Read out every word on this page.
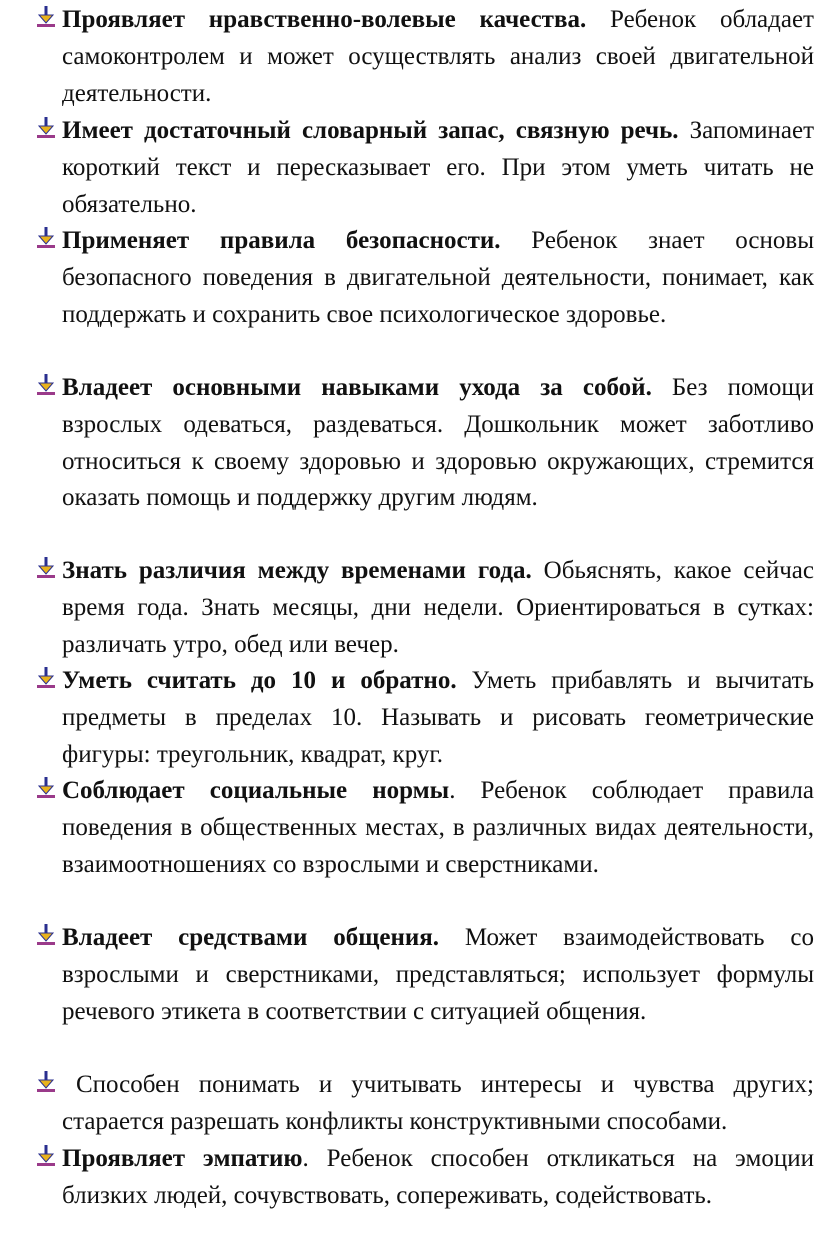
Проявляет нравственно-волевые качества. Ребенок обладает самоконтролем и может осуществлять анализ своей двигательной деятельности.

Имеет достаточный словарный запас, связную речь. Запоминает короткий текст и пересказывает его. При этом уметь читать не обязательно.

Применяет правила безопасности. Ребенок знает основы безопасного поведения в двигательной деятельности, понимает, как поддержать и сохранить свое психологическое здоровье.

Владеет основными навыками ухода за собой. Без помощи взрослых одеваться, раздеваться. Дошкольник может заботливо относиться к своему здоровью и здоровью окружающих, стремится оказать помощь и поддержку другим людям.

Знать различия между временами года. Обьяснять, какое сейчас время года. Знать месяцы, дни недели. Ориентироваться в сутках: различать утро, обед или вечер.

Уметь считать до 10 и обратно. Уметь прибавлять и вычитать предметы в пределах 10. Называть и рисовать геометрические фигуры: треугольник, квадрат, круг.

Соблюдает социальные нормы. Ребенок соблюдает правила поведения в общественных местах, в различных видах деятельности, взаимоотношениях со взрослыми и сверстниками.

Владеет средствами общения. Может взаимодействовать со взрослыми и сверстниками, представляться; использует формулы речевого этикета в соответствии с ситуацией общения.

Способен понимать и учитывать интересы и чувства других; старается разрешать конфликты конструктивными способами.

Проявляет эмпатию. Ребенок способен откликаться на эмоции близких людей, сочувствовать, сопереживать, содействовать.
